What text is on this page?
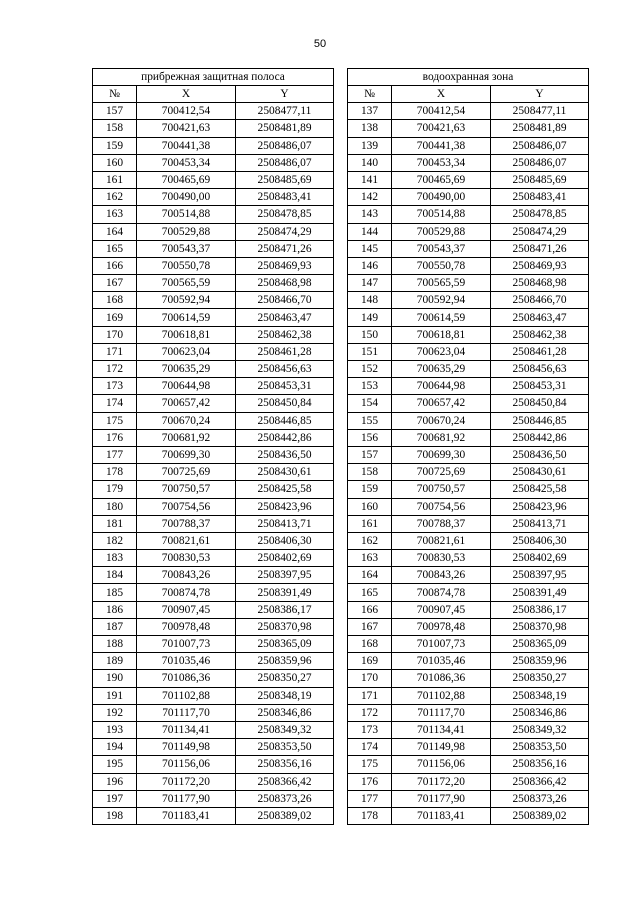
50
прибрежная защитная полоса				водоохранная зона		
№	X	Y		№	X	Y
157	700412,54	2508477,11		137	700412,54	2508477,11
158	700421,63	2508481,89		138	700421,63	2508481,89
159	700441,38	2508486,07		139	700441,38	2508486,07
160	700453,34	2508486,07		140	700453,34	2508486,07
161	700465,69	2508485,69		141	700465,69	2508485,69
162	700490,00	2508483,41		142	700490,00	2508483,41
163	700514,88	2508478,85		143	700514,88	2508478,85
164	700529,88	2508474,29		144	700529,88	2508474,29
165	700543,37	2508471,26		145	700543,37	2508471,26
166	700550,78	2508469,93		146	700550,78	2508469,93
167	700565,59	2508468,98		147	700565,59	2508468,98
168	700592,94	2508466,70		148	700592,94	2508466,70
169	700614,59	2508463,47		149	700614,59	2508463,47
170	700618,81	2508462,38		150	700618,81	2508462,38
171	700623,04	2508461,28		151	700623,04	2508461,28
172	700635,29	2508456,63		152	700635,29	2508456,63
173	700644,98	2508453,31		153	700644,98	2508453,31
174	700657,42	2508450,84		154	700657,42	2508450,84
175	700670,24	2508446,85		155	700670,24	2508446,85
176	700681,92	2508442,86		156	700681,92	2508442,86
177	700699,30	2508436,50		157	700699,30	2508436,50
178	700725,69	2508430,61		158	700725,69	2508430,61
179	700750,57	2508425,58		159	700750,57	2508425,58
180	700754,56	2508423,96		160	700754,56	2508423,96
181	700788,37	2508413,71		161	700788,37	2508413,71
182	700821,61	2508406,30		162	700821,61	2508406,30
183	700830,53	2508402,69		163	700830,53	2508402,69
184	700843,26	2508397,95		164	700843,26	2508397,95
185	700874,78	2508391,49		165	700874,78	2508391,49
186	700907,45	2508386,17		166	700907,45	2508386,17
187	700978,48	2508370,98		167	700978,48	2508370,98
188	701007,73	2508365,09		168	701007,73	2508365,09
189	701035,46	2508359,96		169	701035,46	2508359,96
190	701086,36	2508350,27		170	701086,36	2508350,27
191	701102,88	2508348,19		171	701102,88	2508348,19
192	701117,70	2508346,86		172	701117,70	2508346,86
193	701134,41	2508349,32		173	701134,41	2508349,32
194	701149,98	2508353,50		174	701149,98	2508353,50
195	701156,06	2508356,16		175	701156,06	2508356,16
196	701172,20	2508366,42		176	701172,20	2508366,42
197	701177,90	2508373,26		177	701177,90	2508373,26
198	701183,41	2508389,02		178	701183,41	2508389,02
